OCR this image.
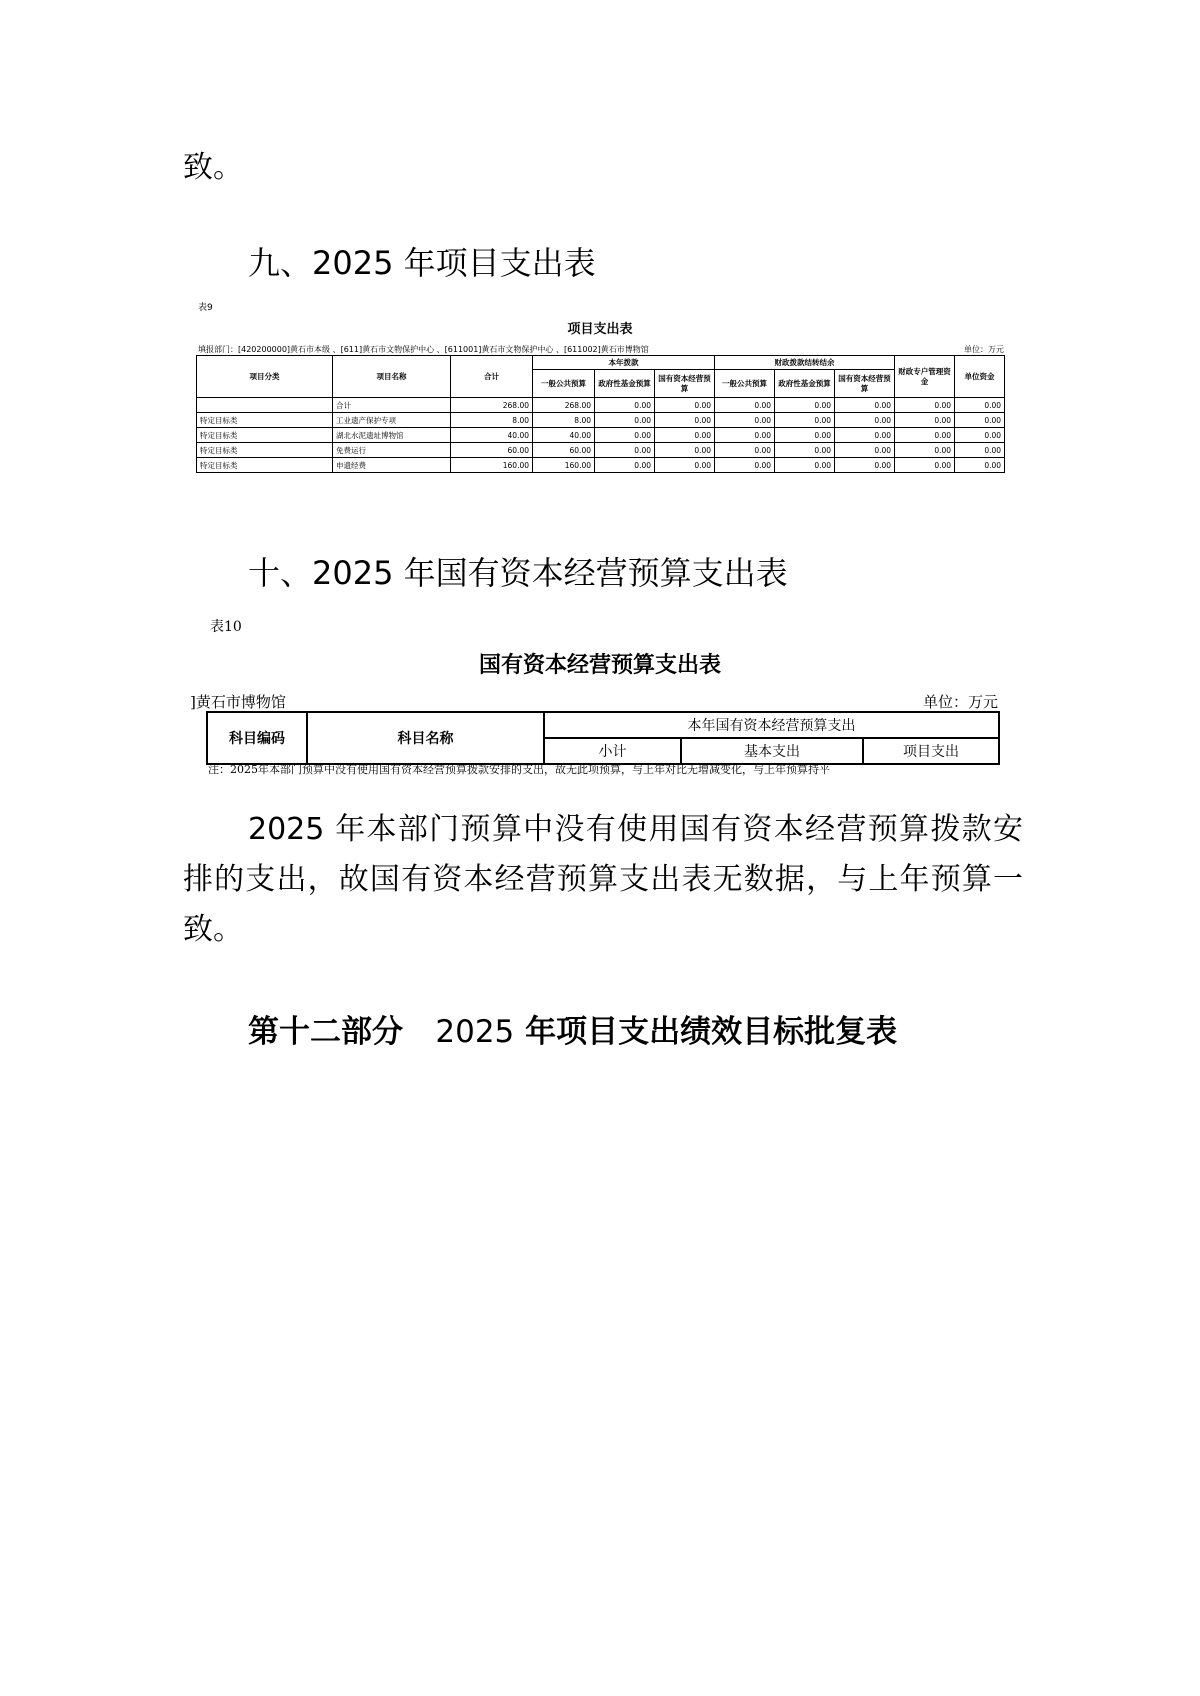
致。
九、2025 年项目支出表
表9
项目支出表
填报部门：[420200000]黄石市本级 、[611]黄石市文物保护中心 、[611001]黄石市文物保护中心 、[611002]黄石市博物馆	单位：万元
项目分类	项目名称	合计	本年拨款			财政拨款结转结余			财政专户管理资金	单位资金
			一般公共预算	政府性基金预算	国有资本经营预算	一般公共预算	政府性基金预算	国有资本经营预算		
	合计	268.00	268.00	0.00	0.00	0.00	0.00	0.00	0.00	0.00
特定目标类	工业遗产保护专项	8.00	8.00	0.00	0.00	0.00	0.00	0.00	0.00	0.00
特定目标类	湖北水泥遗址博物馆	40.00	40.00	0.00	0.00	0.00	0.00	0.00	0.00	0.00
特定目标类	免费运行	60.00	60.00	0.00	0.00	0.00	0.00	0.00	0.00	0.00
特定目标类	申遗经费	160.00	160.00	0.00	0.00	0.00	0.00	0.00	0.00	0.00
十、2025 年国有资本经营预算支出表
表10
国有资本经营预算支出表
]黄石市博物馆	单位：万元
科目编码	科目名称	本年国有资本经营预算支出		
		小计	基本支出	项目支出
注：2025年本部门预算中没有使用国有资本经营预算拨款安排的支出，故无此项预算，与上年对比无增减变化，与上年预算持平
2025 年本部门预算中没有使用国有资本经营预算拨款安排的支出，故国有资本经营预算支出表无数据，与上年预算一致。
第十二部分 2025 年项目支出绩效目标批复表
